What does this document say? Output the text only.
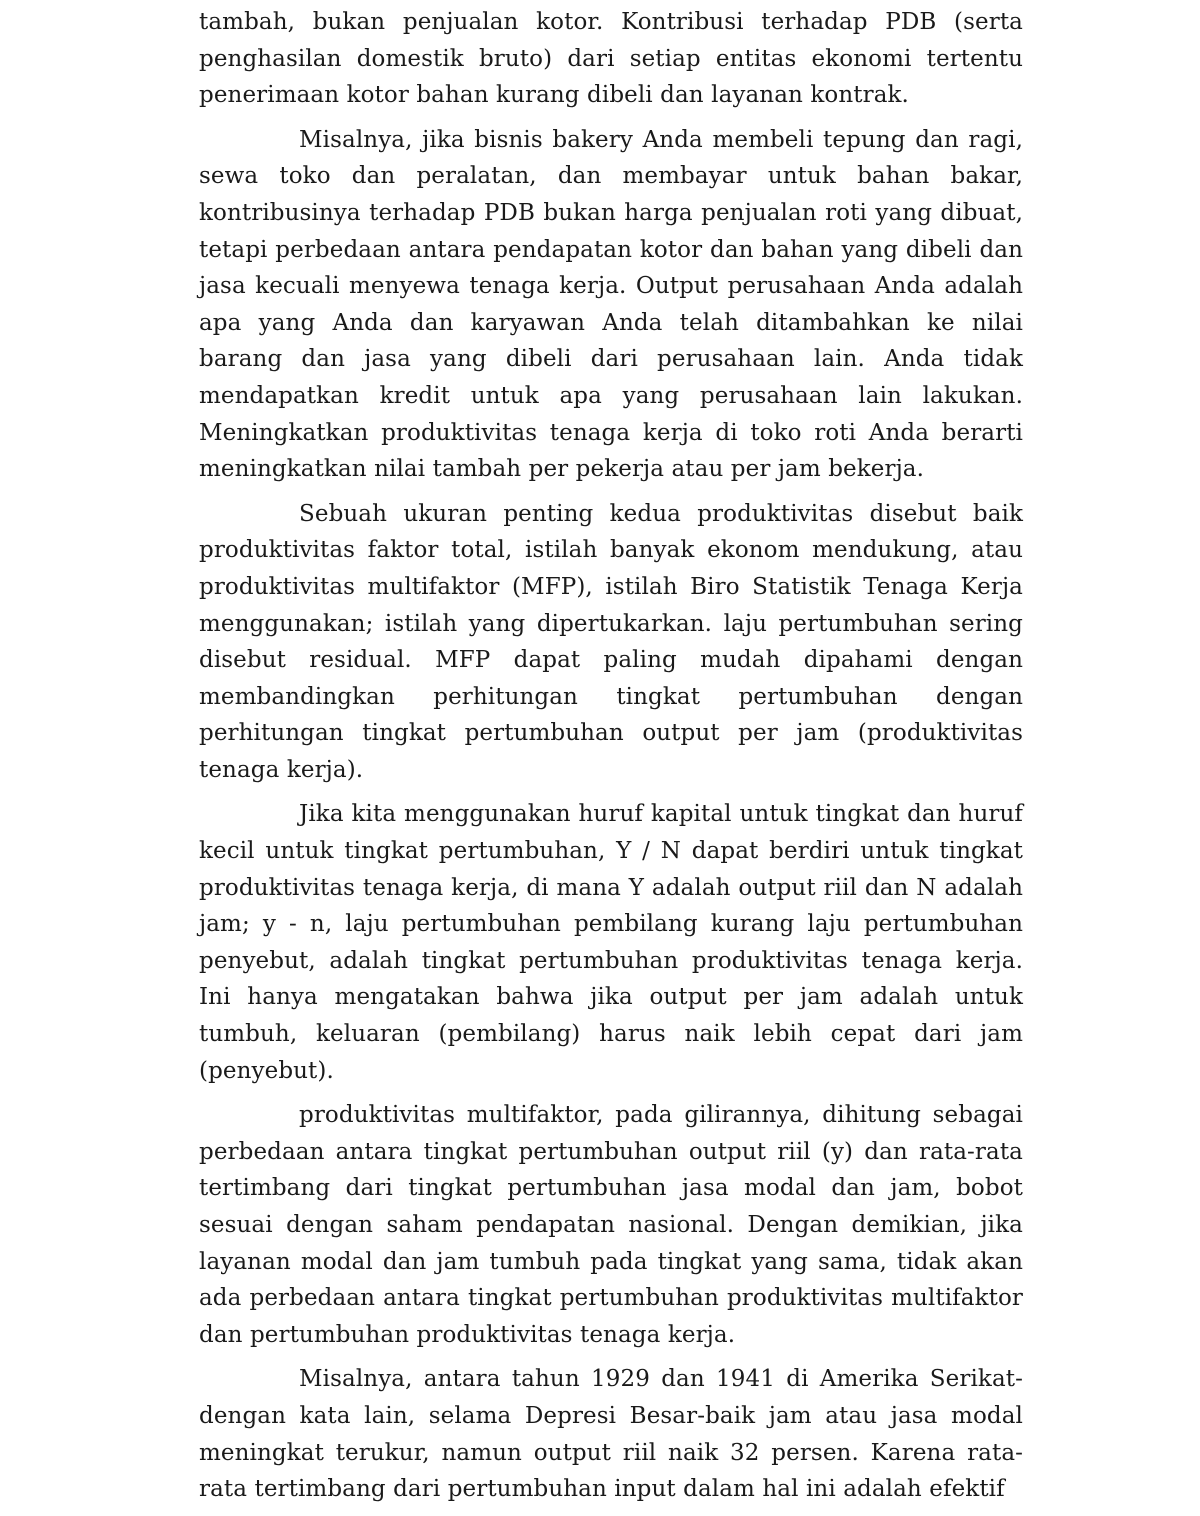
tambah, bukan penjualan kotor. Kontribusi terhadap PDB (serta penghasilan domestik bruto) dari setiap entitas ekonomi tertentu penerimaan kotor bahan kurang dibeli dan layanan kontrak.

Misalnya, jika bisnis bakery Anda membeli tepung dan ragi, sewa toko dan peralatan, dan membayar untuk bahan bakar, kontribusinya terhadap PDB bukan harga penjualan roti yang dibuat, tetapi perbedaan antara pendapatan kotor dan bahan yang dibeli dan jasa kecuali menyewa tenaga kerja. Output perusahaan Anda adalah apa yang Anda dan karyawan Anda telah ditambahkan ke nilai barang dan jasa yang dibeli dari perusahaan lain. Anda tidak mendapatkan kredit untuk apa yang perusahaan lain lakukan. Meningkatkan produktivitas tenaga kerja di toko roti Anda berarti meningkatkan nilai tambah per pekerja atau per jam bekerja.

Sebuah ukuran penting kedua produktivitas disebut baik produktivitas faktor total, istilah banyak ekonom mendukung, atau produktivitas multifaktor (MFP), istilah Biro Statistik Tenaga Kerja menggunakan; istilah yang dipertukarkan. laju pertumbuhan sering disebut residual. MFP dapat paling mudah dipahami dengan membandingkan perhitungan tingkat pertumbuhan dengan perhitungan tingkat pertumbuhan output per jam (produktivitas tenaga kerja).

Jika kita menggunakan huruf kapital untuk tingkat dan huruf kecil untuk tingkat pertumbuhan, Y / N dapat berdiri untuk tingkat produktivitas tenaga kerja, di mana Y adalah output riil dan N adalah jam; y - n, laju pertumbuhan pembilang kurang laju pertumbuhan penyebut, adalah tingkat pertumbuhan produktivitas tenaga kerja. Ini hanya mengatakan bahwa jika output per jam adalah untuk tumbuh, keluaran (pembilang) harus naik lebih cepat dari jam (penyebut).

produktivitas multifaktor, pada gilirannya, dihitung sebagai perbedaan antara tingkat pertumbuhan output riil (y) dan rata-rata tertimbang dari tingkat pertumbuhan jasa modal dan jam, bobot sesuai dengan saham pendapatan nasional. Dengan demikian, jika layanan modal dan jam tumbuh pada tingkat yang sama, tidak akan ada perbedaan antara tingkat pertumbuhan produktivitas multifaktor dan pertumbuhan produktivitas tenaga kerja.

Misalnya, antara tahun 1929 dan 1941 di Amerika Serikat-dengan kata lain, selama Depresi Besar-baik jam atau jasa modal meningkat terukur, namun output riil naik 32 persen. Karena rata-rata tertimbang dari pertumbuhan input dalam hal ini adalah efektif
